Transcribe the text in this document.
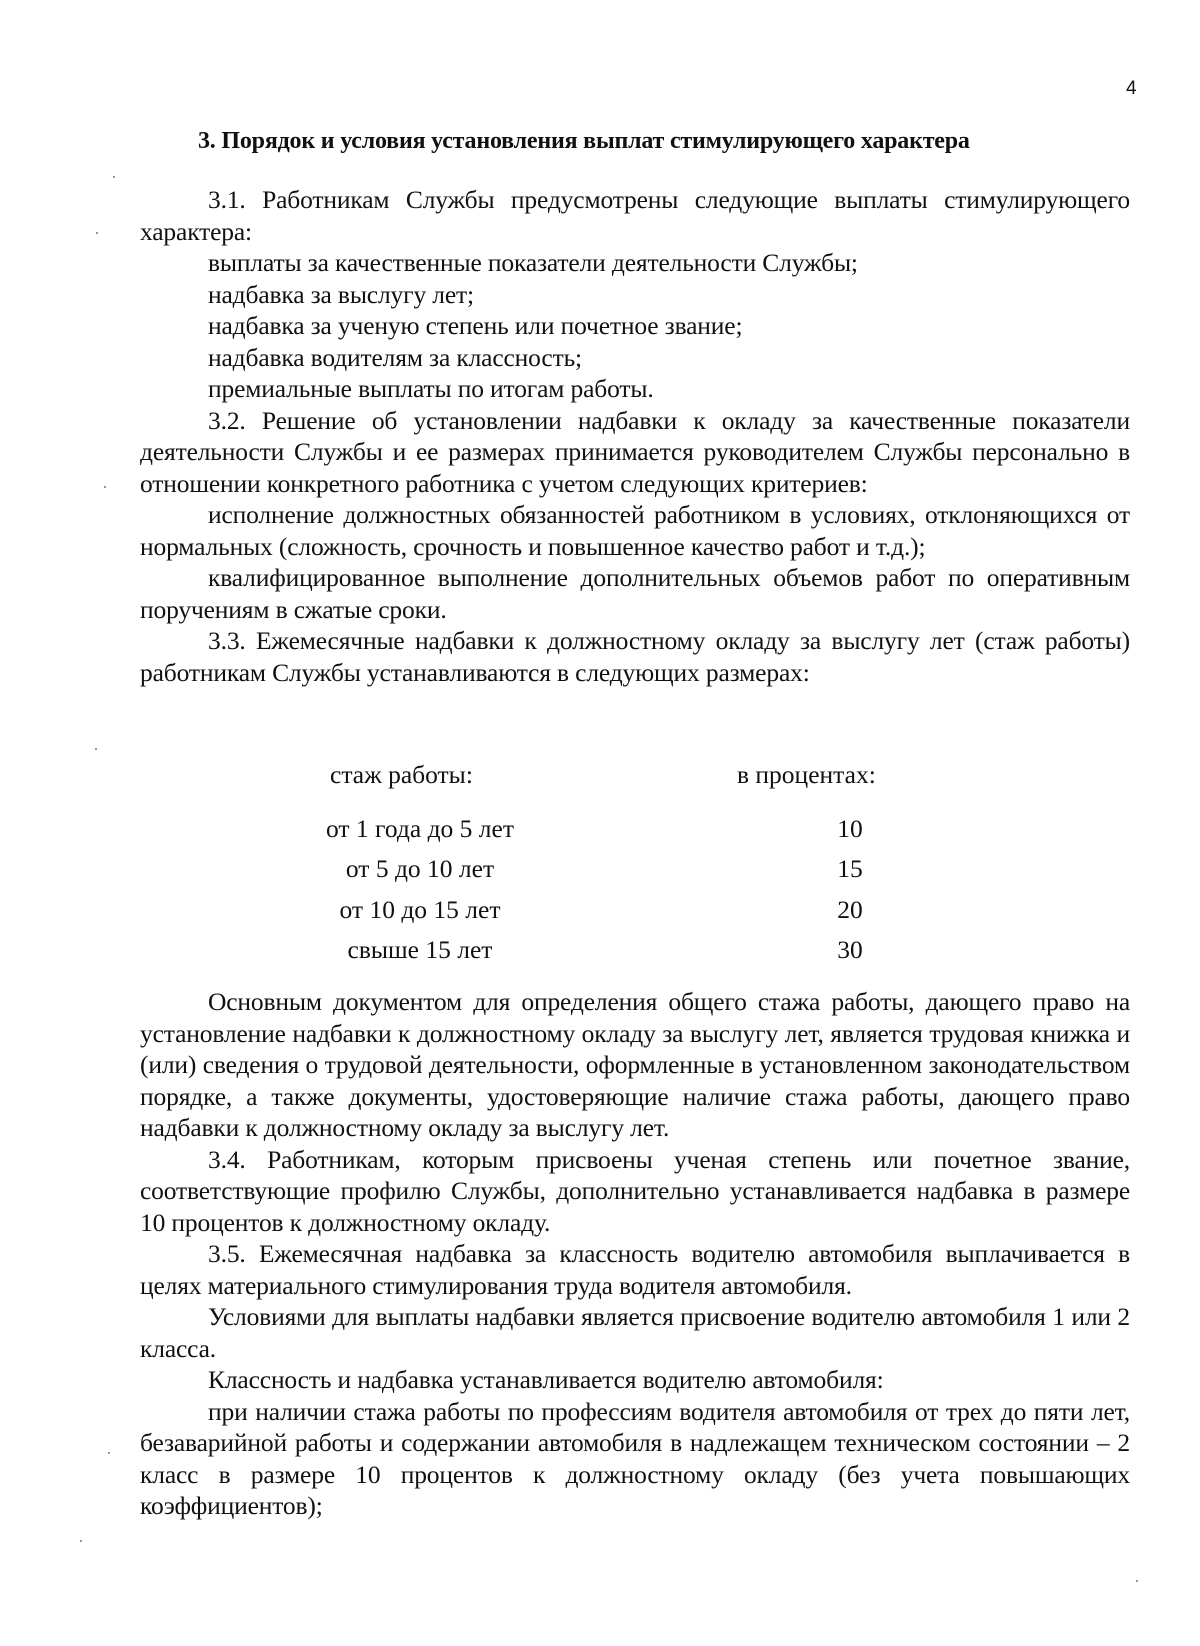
4
3. Порядок и условия установления выплат стимулирующего характера

3.1. Работникам Службы предусмотрены следующие выплаты стимулирующего характера:

выплаты за качественные показатели деятельности Службы;

надбавка за выслугу лет;

надбавка за ученую степень или почетное звание;

надбавка водителям за классность;

премиальные выплаты по итогам работы.

3.2. Решение об установлении надбавки к окладу за качественные показатели деятельности Службы и ее размерах принимается руководителем Службы персонально в отношении конкретного работника с учетом следующих критериев:

исполнение должностных обязанностей работником в условиях, отклоняющихся от нормальных (сложность, срочность и повышенное качество работ и т.д.);

квалифицированное выполнение дополнительных объемов работ по оперативным поручениям в сжатые сроки.

3.3. Ежемесячные надбавки к должностному окладу за выслугу лет (стаж работы) работникам Службы устанавливаются в следующих размерах:

стаж работы:	в процентах:
от 1 года до 5 лет	10
от 5 до 10 лет	15
от 10 до 15 лет	20
свыше 15 лет	30

Основным документом для определения общего стажа работы, дающего право на установление надбавки к должностному окладу за выслугу лет, является трудовая книжка и (или) сведения о трудовой деятельности, оформленные в установленном законодательством порядке, а также документы, удостоверяющие наличие стажа работы, дающего право надбавки к должностному окладу за выслугу лет.

3.4. Работникам, которым присвоены ученая степень или почетное звание, соответствующие профилю Службы, дополнительно устанавливается надбавка в размере 10 процентов к должностному окладу.

3.5. Ежемесячная надбавка за классность водителю автомобиля выплачивается в целях материального стимулирования труда водителя автомобиля.

Условиями для выплаты надбавки является присвоение водителю автомобиля 1 или 2 класса.

Классность и надбавка устанавливается водителю автомобиля:

при наличии стажа работы по профессиям водителя автомобиля от трех до пяти лет, безаварийной работы и содержании автомобиля в надлежащем техническом состоянии – 2 класс в размере 10 процентов к должностному окладу (без учета повышающих коэффициентов);
